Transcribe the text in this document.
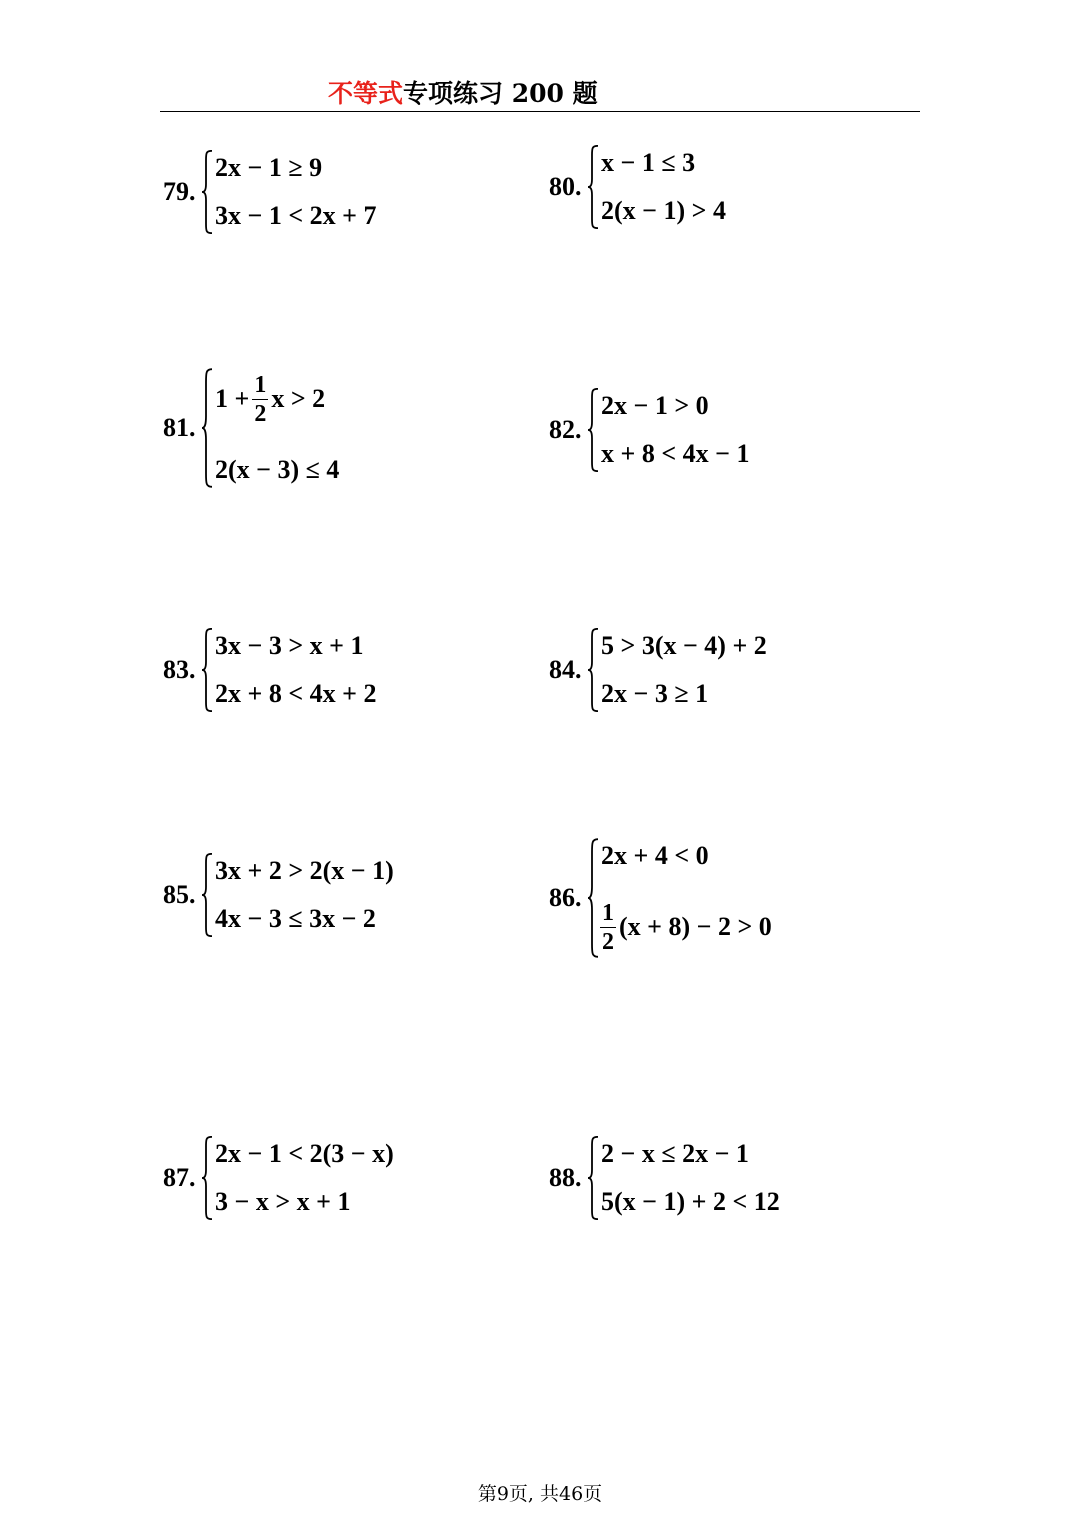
不等式专项练习 200 题
79.
2x − 1 ≥ 9
3x − 1 < 2x + 7
80.
x − 1 ≤ 3
2(x − 1) > 4
81.
$1 + \frac{1}{2}$ x > 2
2(x − 3) ≤ 4
82.
2x − 1 > 0
x + 8 < 4x − 1
83.
3x − 3 > x + 1
2x + 8 < 4x + 2
84.
5 > 3(x − 4) + 2
2x − 3 ≥ 1
85.
3x + 2 > 2(x − 1)
4x − 3 ≤ 3x − 2
86.
2x + 4 < 0
$\frac{1}{2} (x + 8) - 2 > 0$
87.
2x − 1 < 2(3 − x)
3 − x > x + 1
88.
2 − x ≤ 2x − 1
5(x − 1) + 2 < 12
第9页, 共46页
